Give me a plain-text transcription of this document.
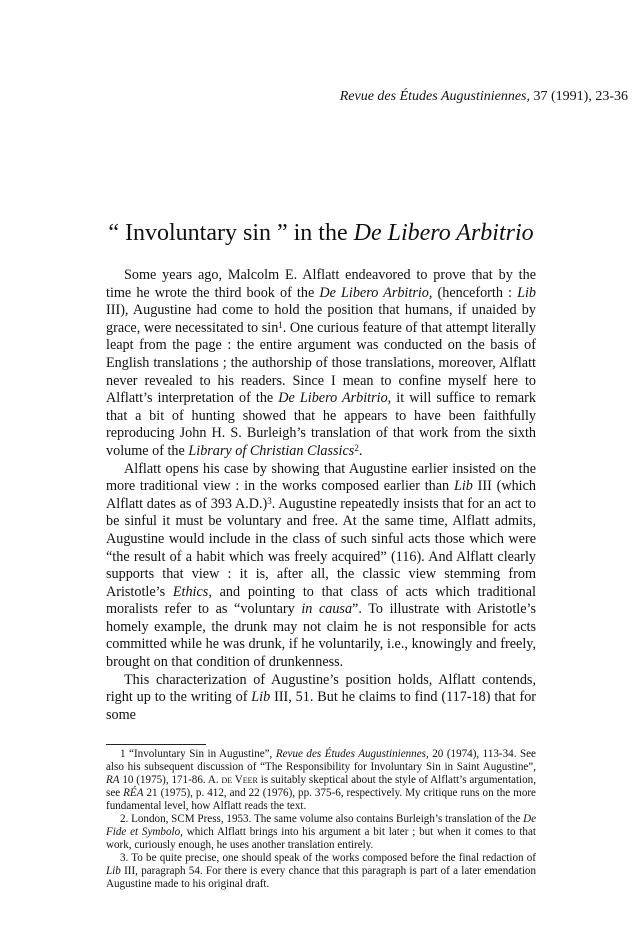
Revue des Études Augustiniennes, 37 (1991), 23-36
“ Involuntary sin ” in the De Libero Arbitrio

Some years ago, Malcolm E. Alflatt endeavored to prove that by the time he wrote the third book of the De Libero Arbitrio, (henceforth : Lib III), Augustine had come to hold the position that humans, if unaided by grace, were necessitated to $\sin^1$. One curious feature of that attempt literally leapt from the page : the entire argument was conducted on the basis of English translations ; the authorship of those translations, moreover, Alflatt never revealed to his readers. Since I mean to confine myself here to Alflatt’s interpretation of the De Libero Arbitrio, it will suffice to remark that a bit of hunting showed that he appears to have been faithfully reproducing John H. S. Burleigh’s translation of that work from the sixth volume of the Library of Christian Classics$^2$.

Alflatt opens his case by showing that Augustine earlier insisted on the more traditional view : in the works composed earlier than Lib III (which Alflatt dates as of 393 A.D.)$^3$. Augustine repeatedly insists that for an act to be sinful it must be voluntary and free. At the same time, Alflatt admits, Augustine would include in the class of such sinful acts those which were “the result of a habit which was freely acquired” (116). And Alflatt clearly supports that view : it is, after all, the classic view stemming from Aristotle’s Ethics, and pointing to that class of acts which traditional moralists refer to as “voluntary in causa”. To illustrate with Aristotle’s homely example, the drunk may not claim he is not responsible for acts committed while he was drunk, if he voluntarily, i.e., knowingly and freely, brought on that condition of drunkenness.

This characterization of Augustine’s position holds, Alflatt contends, right up to the writing of Lib III, 51. But he claims to find (117-18) that for some

1 “Involuntary Sin in Augustine”, Revue des Études Augustiniennes, 20 (1974), 113-34. See also his subsequent discussion of “The Responsibility for Involuntary Sin in Saint Augustine”, RA 10 (1975), 171-86. A. de Veer is suitably skeptical about the style of Alflatt’s argumentation, see RÉA 21 (1975), p. 412, and 22 (1976), pp. 375-6, respectively. My critique runs on the more fundamental level, how Alflatt reads the text.

2. London, SCM Press, 1953. The same volume also contains Burleigh’s translation of the De Fide et Symbolo, which Alflatt brings into his argument a bit later ; but when it comes to that work, curiously enough, he uses another translation entirely.

3. To be quite precise, one should speak of the works composed before the final redaction of Lib III, paragraph 54. For there is every chance that this paragraph is part of a later emendation Augustine made to his original draft.
